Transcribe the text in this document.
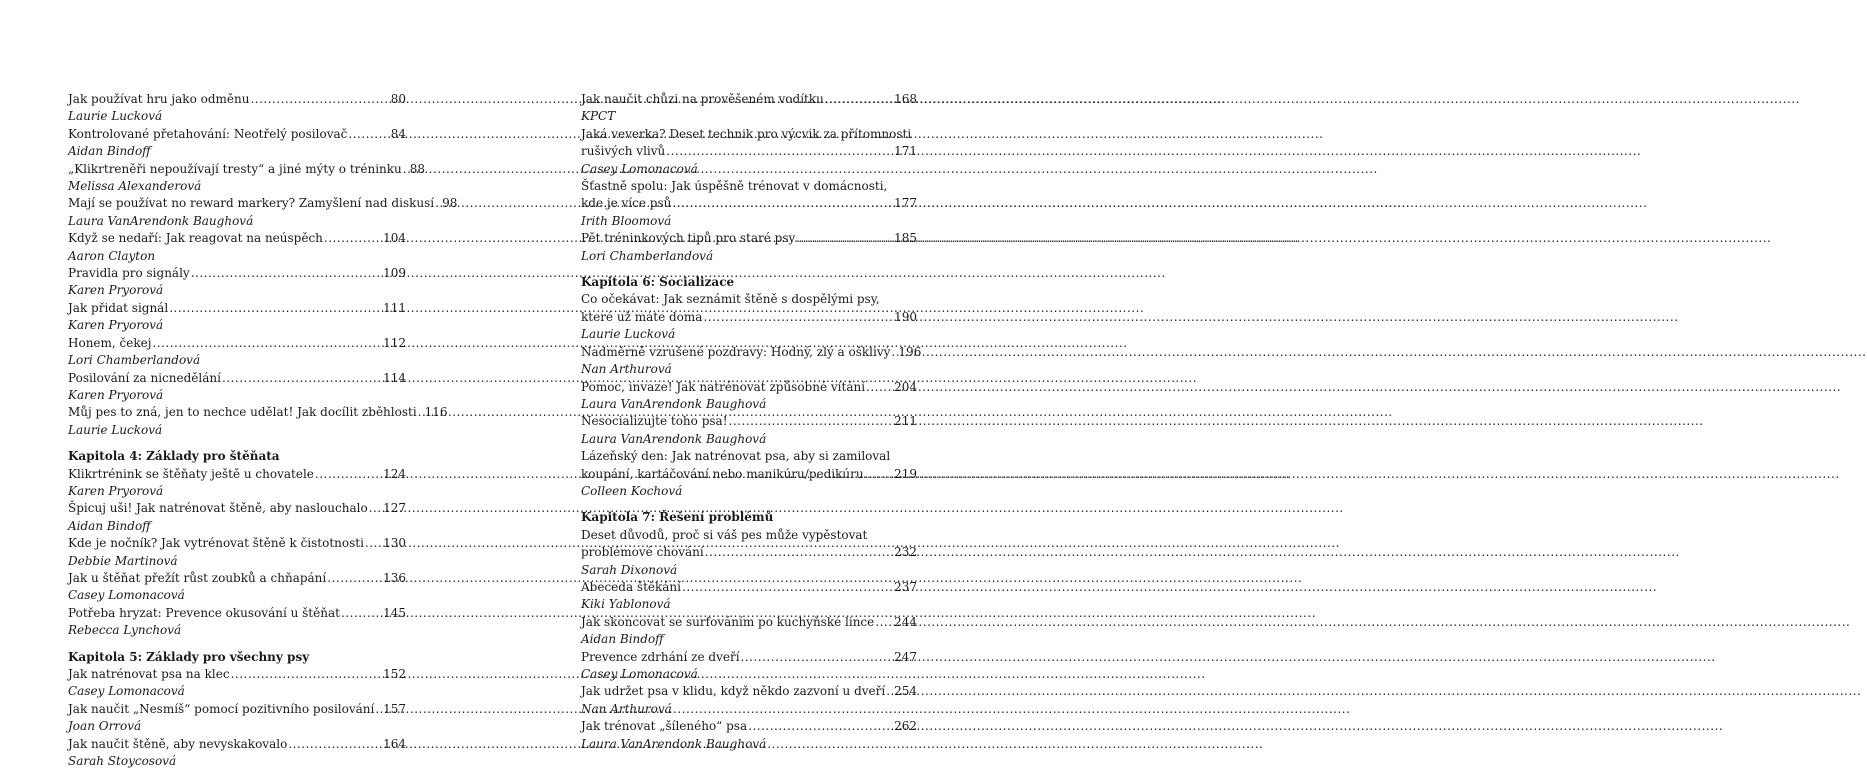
Jak používat hru jako odměnu .....	80
Laurie Lucková
Kontrolované přetahování: Neotřelý posilovač .....	84
Aidan Bindoff
„Klikrtreněři nepoužívají tresty“ a jiné mýty o tréninku ..... 88
Melissa Alexanderová
Mají se používat no reward markery? Zamyšlení nad diskusí ..... 98
Laura VanArendonk Baughová
Když se nedaří: Jak reagovat na neúspěch .....	104
Aaron Clayton
Pravidla pro signály .....	109
Karen Pryorová
Jak přidat signál .....	111
Karen Pryorová
Honem, čekej .....	112
Lori Chamberlandová
Posilování za nicnedělání .....	114
Karen Pryorová
Můj pes to zná, jen to nechce udělat! Jak docílit zběhlosti ..... 116
Laurie Lucková
Kapitola 4: Základy pro štěňata
Klikrtrénink se štěňaty ještě u chovatele .....	124
Karen Pryorová
Špicuj uši! Jak natrénovat štěně, aby naslouchalo ..... 127
Aidan Bindoff
Kde je nočník? Jak vytrénovat štěně k čistotnosti ..... 130
Debbie Martinová
Jak u štěňat přežít růst zoubků a chňapání .....	136
Casey Lomonacová
Potřeba hryzat: Prevence okusování u štěňat .....	145
Rebecca Lynchová
Kapitola 5: Základy pro všechny psy
Jak natrénovat psa na klec .....	152
Casey Lomonacová
Jak naučit „Nesmíš“ pomocí pozitivního posilování ..... 157
Joan Orrová
Jak naučit štěně, aby nevyskakovalo .....	164
Sarah Stoycosová
Jak naučit chůzi na prověšeném vodítku .....	168
KPCT
Jaká veverka? Deset technik pro výcvik za přítomnosti
rušivých vlivů .....	171
Casey Lomonacová
Šťastně spolu: Jak úspěšně trénovat v domácnosti,
kde je více psů .....	177
Irith Bloomová
Pět tréninkových tipů pro staré psy .....	185
Lori Chamberlandová
Kapitola 6: Socializace
Co očekávat: Jak seznámit štěně s dospělými psy,
které už máte doma .....	190
Laurie Lucková
Nadměrně vzrušené pozdravy: Hodný, zlý a ošklivý ..... 196
Nan Arthurová
Pomoc, invaze! Jak natrénovat způsobné vítání ..... 204
Laura VanArendonk Baughová
Nesocializujte toho psa! .....	211
Laura VanArendonk Baughová
Lázeňský den: Jak natrénovat psa, aby si zamiloval
koupání, kartáčování nebo manikúru/pedikúru .....	219
Colleen Kochová
Kapitola 7: Řešení problémů
Deset důvodů, proč si váš pes může vypěstovat
problémové chování .....	232
Sarah Dixonová
Abeceda štěkání .....	237
Kiki Yablonová
Jak skoncovat se surfováním po kuchyňské lince ..... 244
Aidan Bindoff
Prevence zdrhání ze dveří .....	247
Casey Lomonacová
Jak udržet psa v klidu, když někdo zazvoní u dveří ..... 254
Nan Arthurová
Jak trénovat „šíleného“ psa .....	262
Laura VanArendonk Baughová
